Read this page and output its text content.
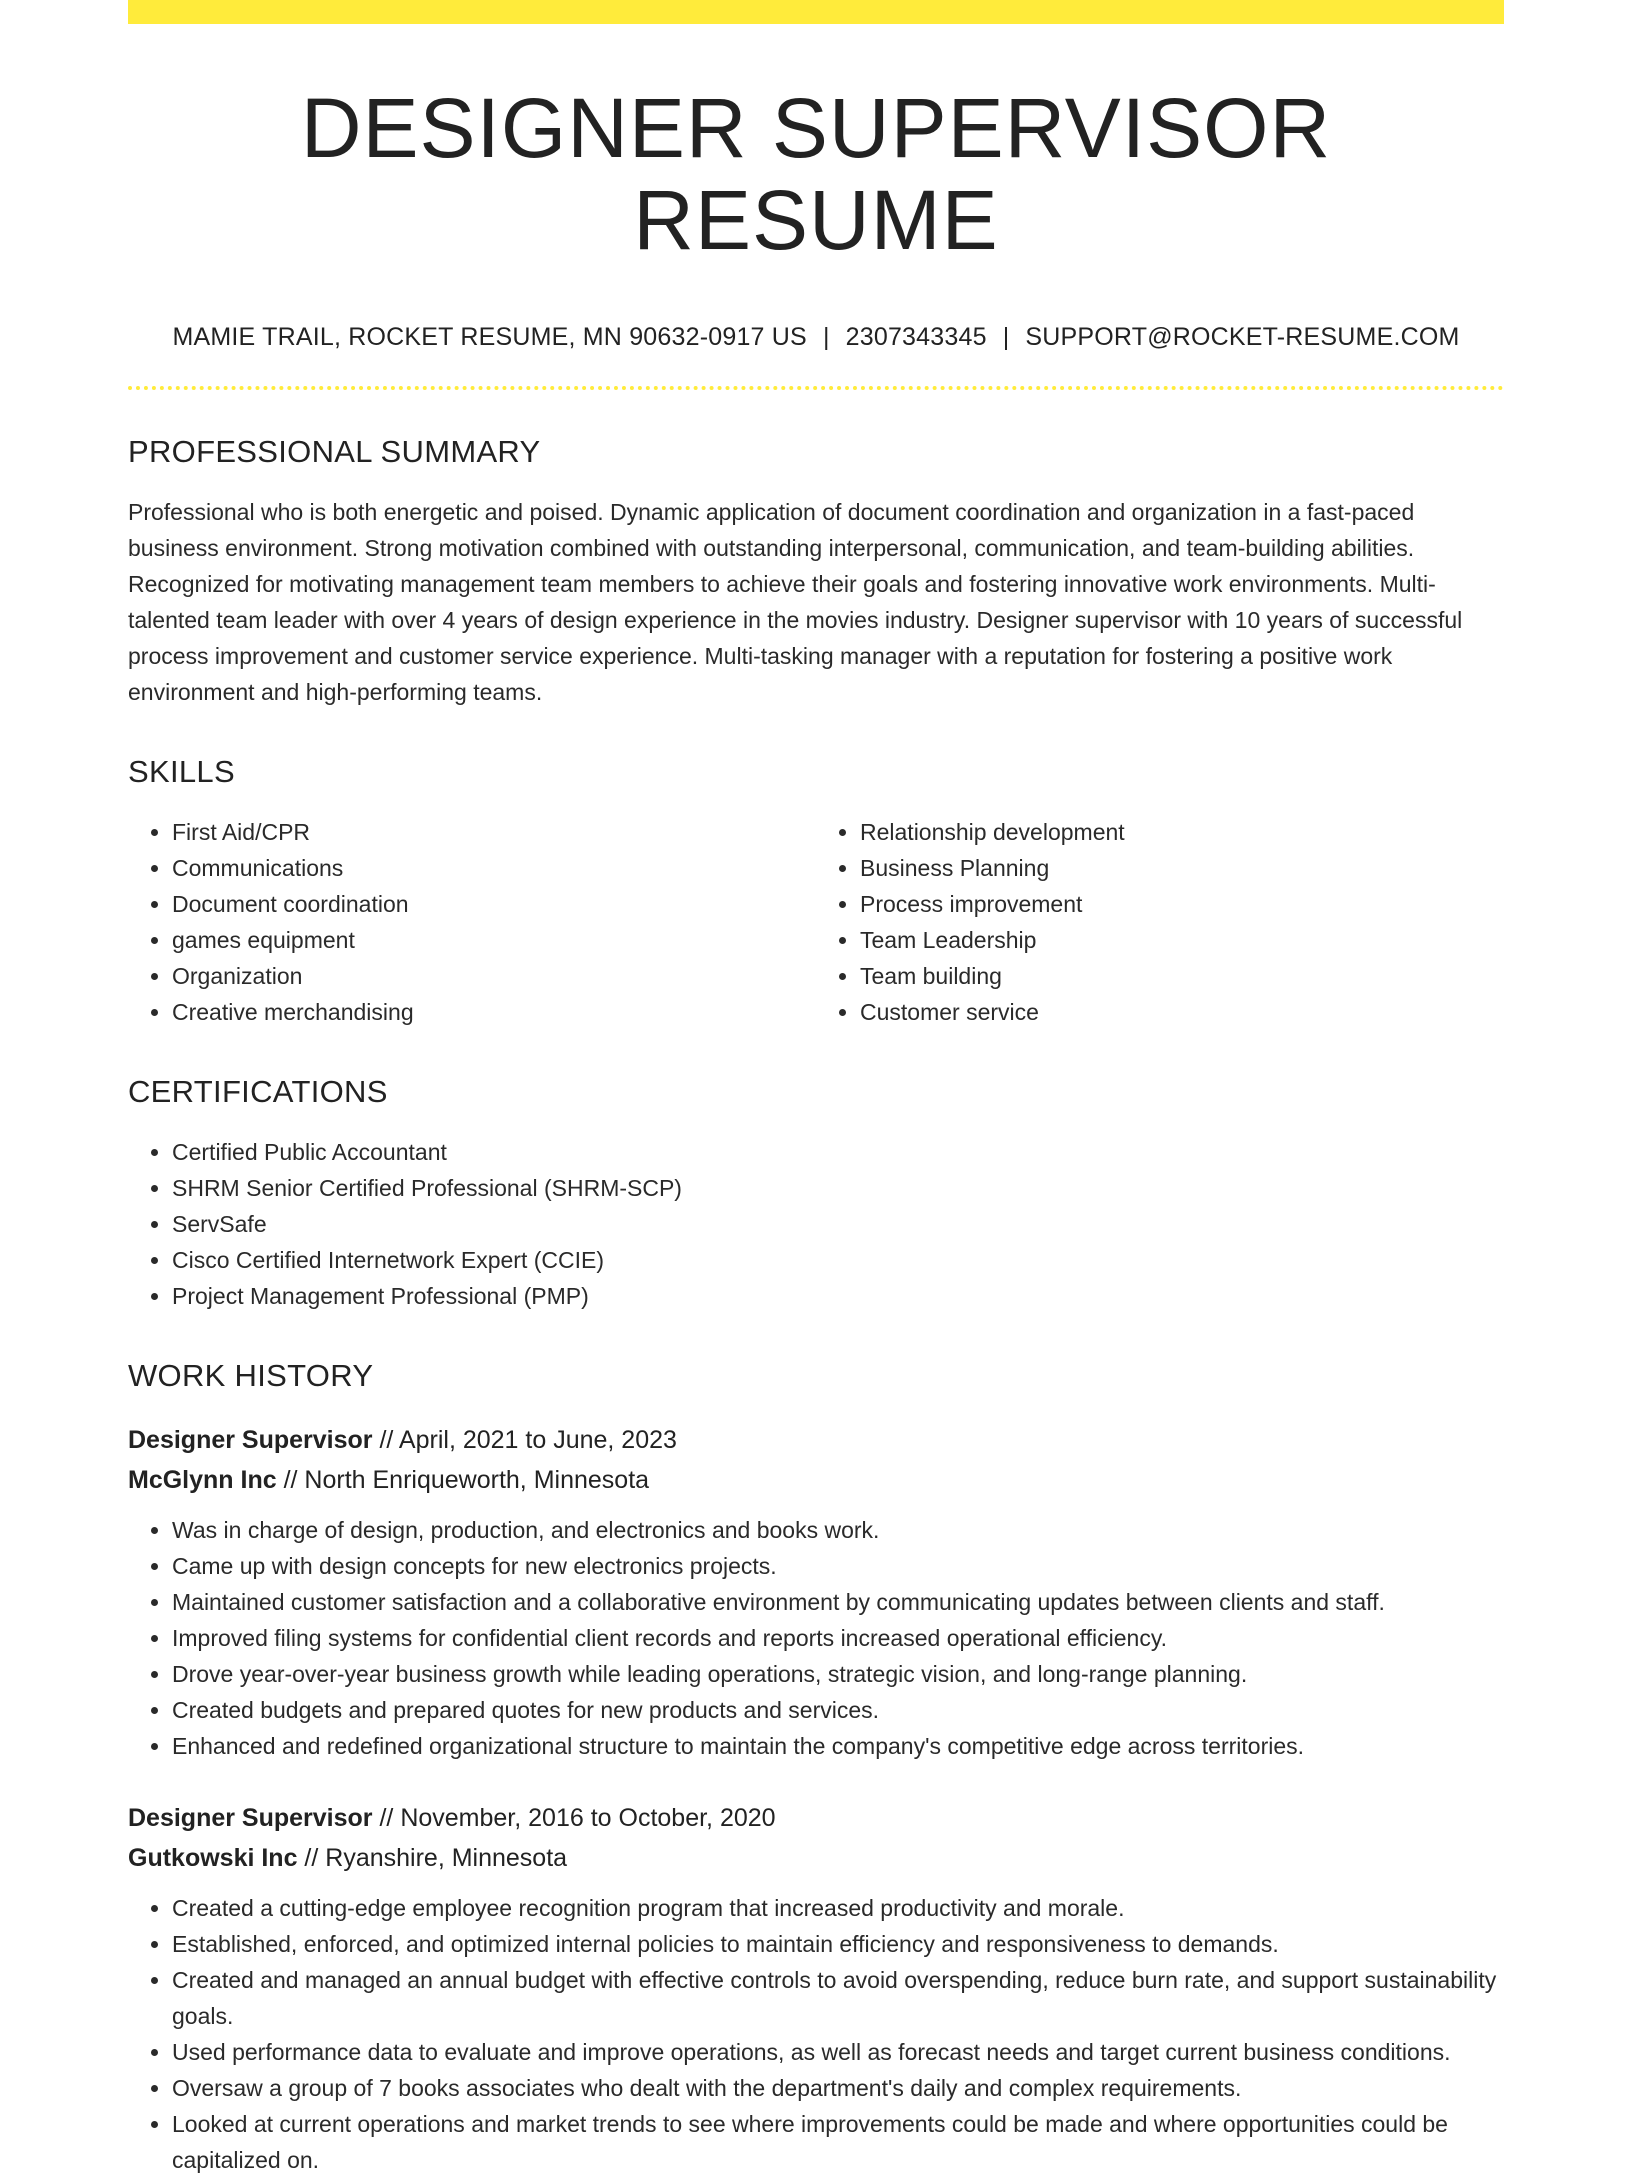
DESIGNER SUPERVISOR RESUME
MAMIE TRAIL, ROCKET RESUME, MN 90632-0917 US | 2307343345 | SUPPORT@ROCKET-RESUME.COM
PROFESSIONAL SUMMARY

Professional who is both energetic and poised. Dynamic application of document coordination and organization in a fast-paced business environment. Strong motivation combined with outstanding interpersonal, communication, and team-building abilities. Recognized for motivating management team members to achieve their goals and fostering innovative work environments. Multi-talented team leader with over 4 years of design experience in the movies industry. Designer supervisor with 10 years of successful process improvement and customer service experience. Multi-tasking manager with a reputation for fostering a positive work environment and high-performing teams.

SKILLS
• First Aid/CPR
• Communications
• Document coordination
• games equipment
• Organization
• Creative merchandising
• Relationship development
• Business Planning
• Process improvement
• Team Leadership
• Team building
• Customer service
CERTIFICATIONS
• Certified Public Accountant
• SHRM Senior Certified Professional (SHRM-SCP)
• ServSafe
• Cisco Certified Internetwork Expert (CCIE)
• Project Management Professional (PMP)
WORK HISTORY
Designer Supervisor // April, 2021 to June, 2023
McGlynn Inc // North Enriqueworth, Minnesota
• Was in charge of design, production, and electronics and books work.
• Came up with design concepts for new electronics projects.
• Maintained customer satisfaction and a collaborative environment by communicating updates between clients and staff.
• Improved filing systems for confidential client records and reports increased operational efficiency.
• Drove year-over-year business growth while leading operations, strategic vision, and long-range planning.
• Created budgets and prepared quotes for new products and services.
• Enhanced and redefined organizational structure to maintain the company's competitive edge across territories.
Designer Supervisor // November, 2016 to October, 2020
Gutkowski Inc // Ryanshire, Minnesota
• Created a cutting-edge employee recognition program that increased productivity and morale.
• Established, enforced, and optimized internal policies to maintain efficiency and responsiveness to demands.
• Created and managed an annual budget with effective controls to avoid overspending, reduce burn rate, and support sustainability goals.
• Used performance data to evaluate and improve operations, as well as forecast needs and target current business conditions.
• Oversaw a group of 7 books associates who dealt with the department's daily and complex requirements.
• Looked at current operations and market trends to see where improvements could be made and where opportunities could be capitalized on.
